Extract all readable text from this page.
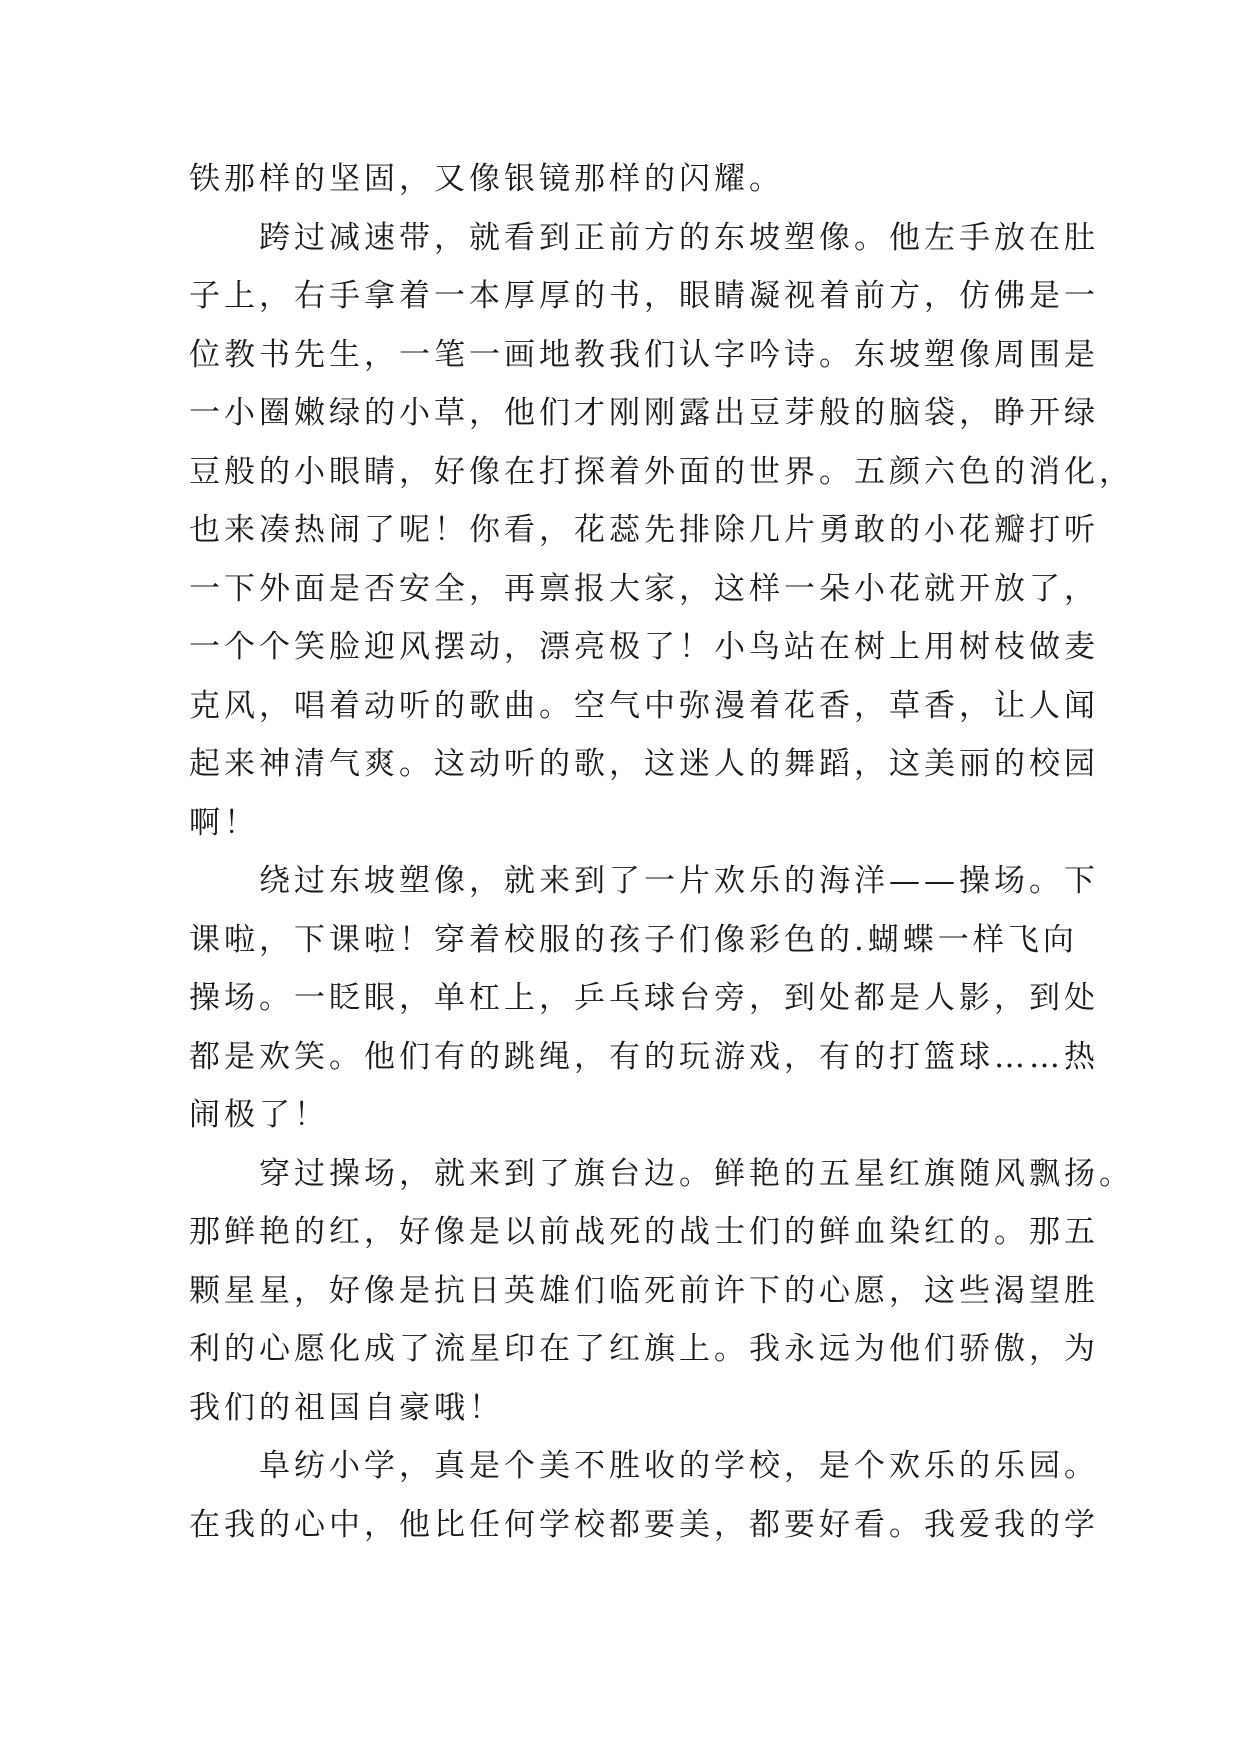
铁那样的坚固，又像银镜那样的闪耀。
　　跨过减速带，就看到正前方的东坡塑像。他左手放在肚
子上，右手拿着一本厚厚的书，眼睛凝视着前方，仿佛是一
位教书先生，一笔一画地教我们认字吟诗。东坡塑像周围是
一小圈嫩绿的小草，他们才刚刚露出豆芽般的脑袋，睁开绿
豆般的小眼睛，好像在打探着外面的世界。五颜六色的消化，
也来凑热闹了呢！你看，花蕊先排除几片勇敢的小花瓣打听
一下外面是否安全，再禀报大家，这样一朵小花就开放了，
一个个笑脸迎风摆动，漂亮极了！小鸟站在树上用树枝做麦
克风，唱着动听的歌曲。空气中弥漫着花香，草香，让人闻
起来神清气爽。这动听的歌，这迷人的舞蹈，这美丽的校园
啊！
　　绕过东坡塑像，就来到了一片欢乐的海洋——操场。下
课啦，下课啦！穿着校服的孩子们像彩色的.蝴蝶一样飞向
操场。一眨眼，单杠上，乒乓球台旁，到处都是人影，到处
都是欢笑。他们有的跳绳，有的玩游戏，有的打篮球……热
闹极了！
　　穿过操场，就来到了旗台边。鲜艳的五星红旗随风飘扬。
那鲜艳的红，好像是以前战死的战士们的鲜血染红的。那五
颗星星，好像是抗日英雄们临死前许下的心愿，这些渴望胜
利的心愿化成了流星印在了红旗上。我永远为他们骄傲，为
我们的祖国自豪哦！
　　阜纺小学，真是个美不胜收的学校，是个欢乐的乐园。
在我的心中，他比任何学校都要美，都要好看。我爱我的学
